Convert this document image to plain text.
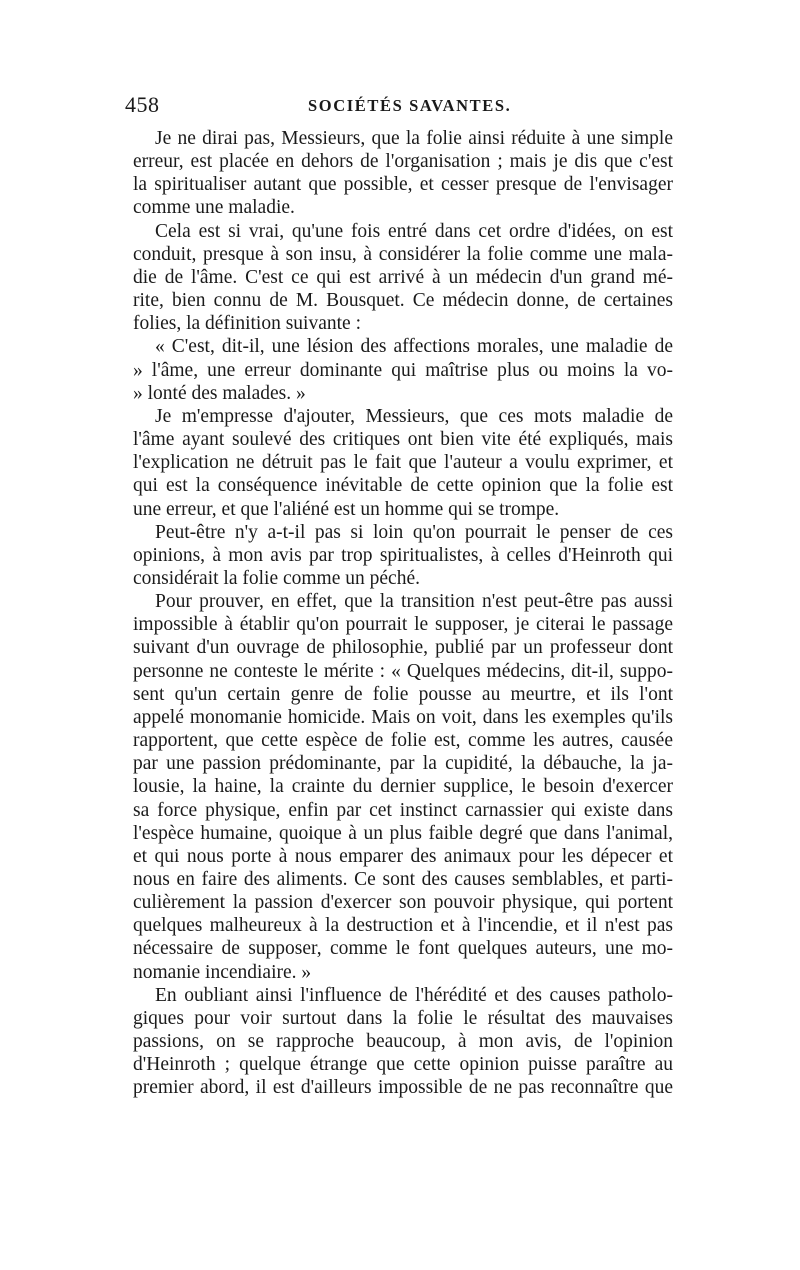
458	SOCIÉTÉS SAVANTES.
Je ne dirai pas, Messieurs, que la folie ainsi réduite à une simple
erreur, est placée en dehors de l'organisation ; mais je dis que c'est
la spiritualiser autant que possible, et cesser presque de l'envisager
comme une maladie.
Cela est si vrai, qu'une fois entré dans cet ordre d'idées, on est
conduit, presque à son insu, à considérer la folie comme une mala-
die de l'âme. C'est ce qui est arrivé à un médecin d'un grand mé-
rite, bien connu de M. Bousquet. Ce médecin donne, de certaines
folies, la définition suivante :
« C'est, dit-il, une lésion des affections morales, une maladie de
» l'âme, une erreur dominante qui maîtrise plus ou moins la vo-
» lonté des malades. »
Je m'empresse d'ajouter, Messieurs, que ces mots maladie de
l'âme ayant soulevé des critiques ont bien vite été expliqués, mais
l'explication ne détruit pas le fait que l'auteur a voulu exprimer, et
qui est la conséquence inévitable de cette opinion que la folie est
une erreur, et que l'aliéné est un homme qui se trompe.
Peut-être n'y a-t-il pas si loin qu'on pourrait le penser de ces
opinions, à mon avis par trop spiritualistes, à celles d'Heinroth qui
considérait la folie comme un péché.
Pour prouver, en effet, que la transition n'est peut-être pas aussi
impossible à établir qu'on pourrait le supposer, je citerai le passage
suivant d'un ouvrage de philosophie, publié par un professeur dont
personne ne conteste le mérite : « Quelques médecins, dit-il, suppo-
sent qu'un certain genre de folie pousse au meurtre, et ils l'ont
appelé monomanie homicide. Mais on voit, dans les exemples qu'ils
rapportent, que cette espèce de folie est, comme les autres, causée
par une passion prédominante, par la cupidité, la débauche, la ja-
lousie, la haine, la crainte du dernier supplice, le besoin d'exercer
sa force physique, enfin par cet instinct carnassier qui existe dans
l'espèce humaine, quoique à un plus faible degré que dans l'animal,
et qui nous porte à nous emparer des animaux pour les dépecer et
nous en faire des aliments. Ce sont des causes semblables, et parti-
culièrement la passion d'exercer son pouvoir physique, qui portent
quelques malheureux à la destruction et à l'incendie, et il n'est pas
nécessaire de supposer, comme le font quelques auteurs, une mo-
nomanie incendiaire. »
En oubliant ainsi l'influence de l'hérédité et des causes patholo-
giques pour voir surtout dans la folie le résultat des mauvaises
passions, on se rapproche beaucoup, à mon avis, de l'opinion
d'Heinroth ; quelque étrange que cette opinion puisse paraître au
premier abord, il est d'ailleurs impossible de ne pas reconnaître que
